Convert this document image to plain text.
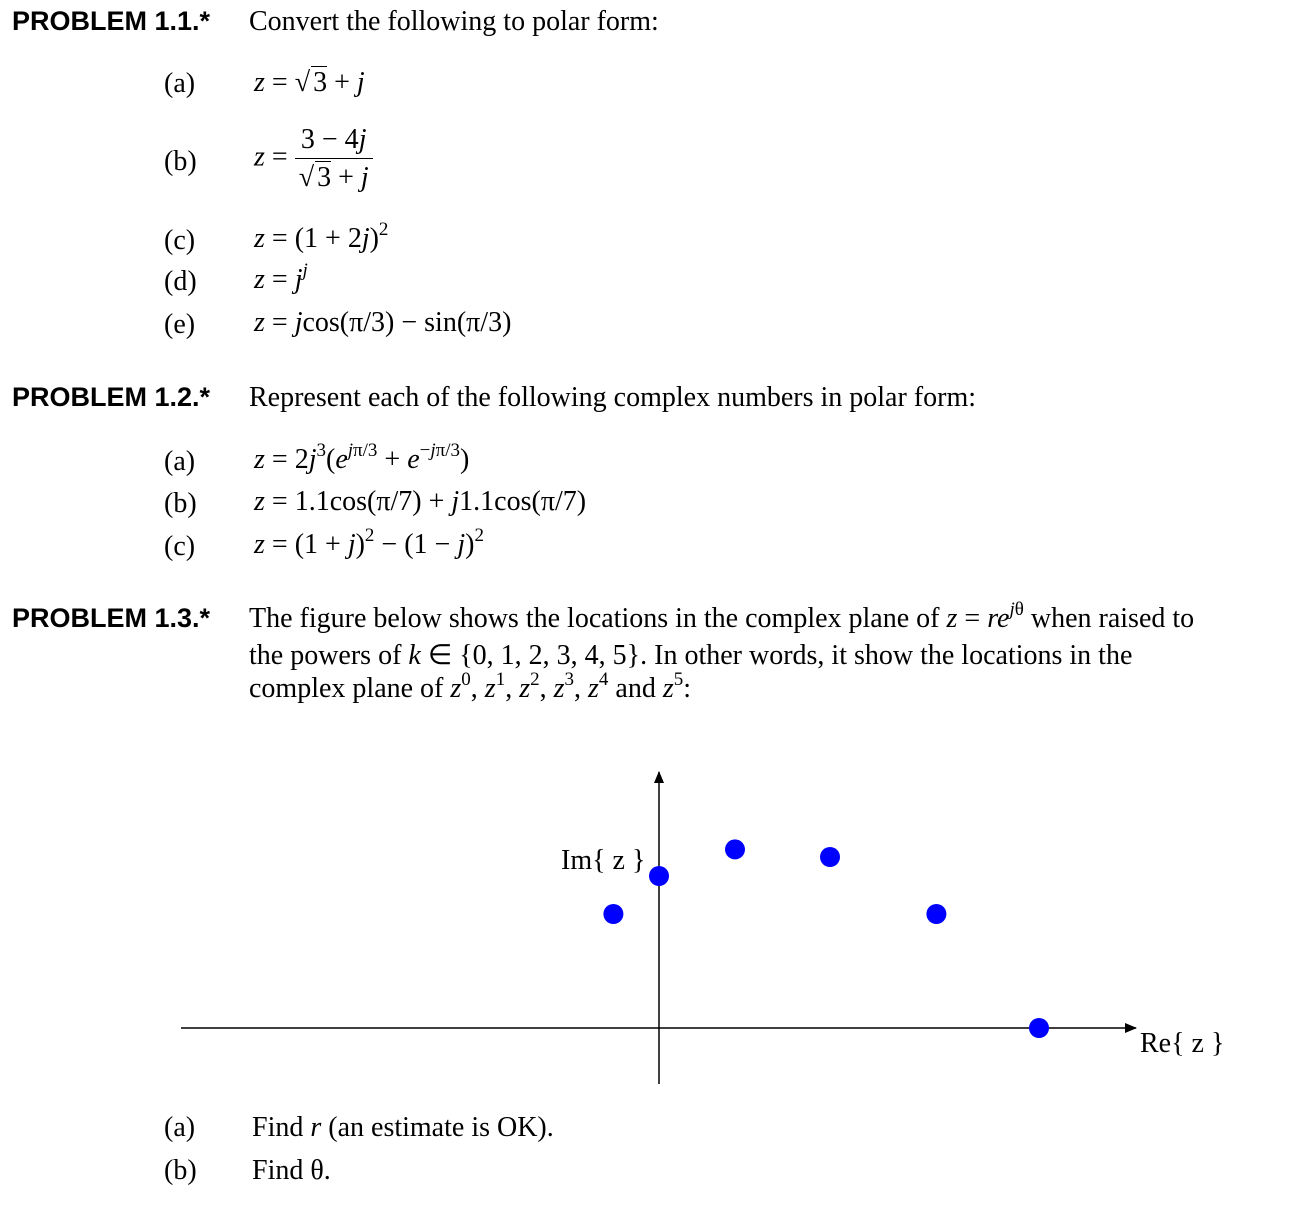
PROBLEM 1.1.* Convert the following to polar form:
(a) z = √ 3 + j
(b) $z = \frac{3 - 4j}{√ 3 + j}$
(c) $z = (1 + 2j)^2$
(d) $z = j^j$
(e) z = jcos(π/3) − sin(π/3)
PROBLEM 1.2.* Represent each of the following complex numbers in polar form:
(a) $z = 2j^3(e^{j\pi/3} + e^{-j\pi/3})$
(b) z = 1.1cos(π/7) + j1.1cos(π/7)
(c) $z = (1 + j)^2 - (1 - j)^2$
PROBLEM 1.3.* The figure below shows the locations in the complex plane of $z = re^{j\theta}$ when raised to
the powers of k ∈ {0, 1, 2, 3, 4, 5}. In other words, it show the locations in the
complex plane of $z^0$, $z^1$, $z^2$, $z^3$, $z^4$ and $z^5$:
Im{ z }
Re{ z }
(a) Find r (an estimate is OK).
(b) Find θ.
